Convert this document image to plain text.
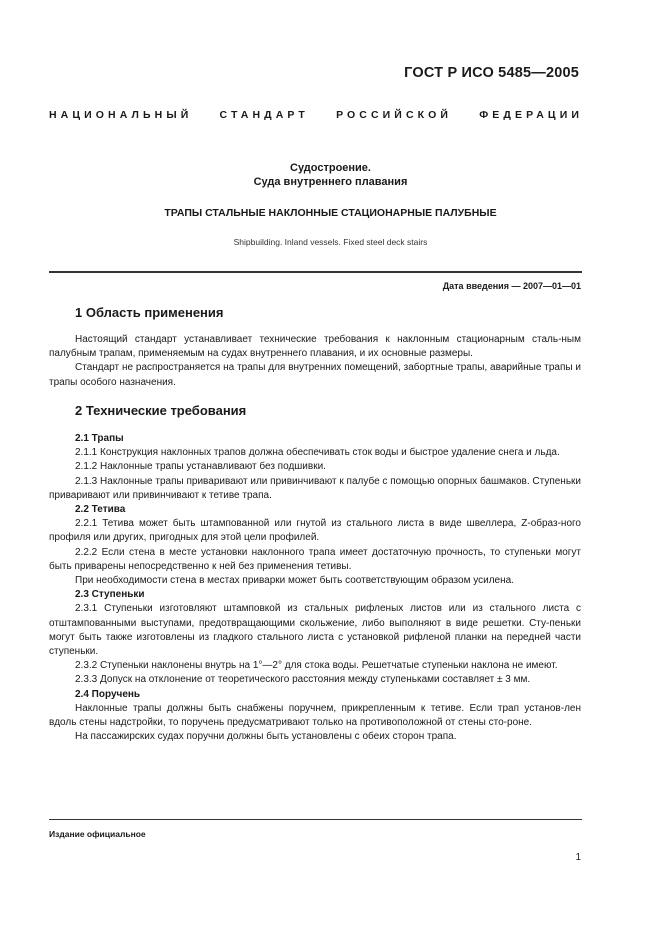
ГОСТ Р ИСО 5485—2005
НАЦИОНАЛЬНЫЙ СТАНДАРТ РОССИЙСКОЙ ФЕДЕРАЦИИ
Судостроение.
Суда внутреннего плавания
ТРАПЫ СТАЛЬНЫЕ НАКЛОННЫЕ СТАЦИОНАРНЫЕ ПАЛУБНЫЕ
Shipbuilding. Inland vessels. Fixed steel deck stairs
Дата введения — 2007—01—01
1 Область применения

Настоящий стандарт устанавливает технические требования к наклонным стационарным сталь-ным палубным трапам, применяемым на судах внутреннего плавания, и их основные размеры.

Стандарт не распространяется на трапы для внутренних помещений, забортные трапы, аварийные трапы и трапы особого назначения.

2 Технические требования

2.1 Трапы

2.1.1 Конструкция наклонных трапов должна обеспечивать сток воды и быстрое удаление снега и льда.

2.1.2 Наклонные трапы устанавливают без подшивки.

2.1.3 Наклонные трапы приваривают или привинчивают к палубе с помощью опорных башмаков. Ступеньки приваривают или привинчивают к тетиве трапа.

2.2 Тетива

2.2.1 Тетива может быть штампованной или гнутой из стального листа в виде швеллера, Z-образ-ного профиля или других, пригодных для этой цели профилей.

2.2.2 Если стена в месте установки наклонного трапа имеет достаточную прочность, то ступеньки могут быть приварены непосредственно к ней без применения тетивы.

При необходимости стена в местах приварки может быть соответствующим образом усилена.

2.3 Ступеньки

2.3.1 Ступеньки изготовляют штамповкой из стальных рифленых листов или из стального листа с отштампованными выступами, предотвращающими скольжение, либо выполняют в виде решетки. Сту-пеньки могут быть также изготовлены из гладкого стального листа с установкой рифленой планки на передней части ступеньки.

2.3.2 Ступеньки наклонены внутрь на 1°—2° для стока воды. Решетчатые ступеньки наклона не имеют.

2.3.3 Допуск на отклонение от теоретического расстояния между ступеньками составляет ± 3 мм.

2.4 Поручень

Наклонные трапы должны быть снабжены поручнем, прикрепленным к тетиве. Если трап установ-лен вдоль стены надстройки, то поручень предусматривают только на противоположной от стены сто-роне.

На пассажирских судах поручни должны быть установлены с обеих сторон трапа.

Издание официальное
1
